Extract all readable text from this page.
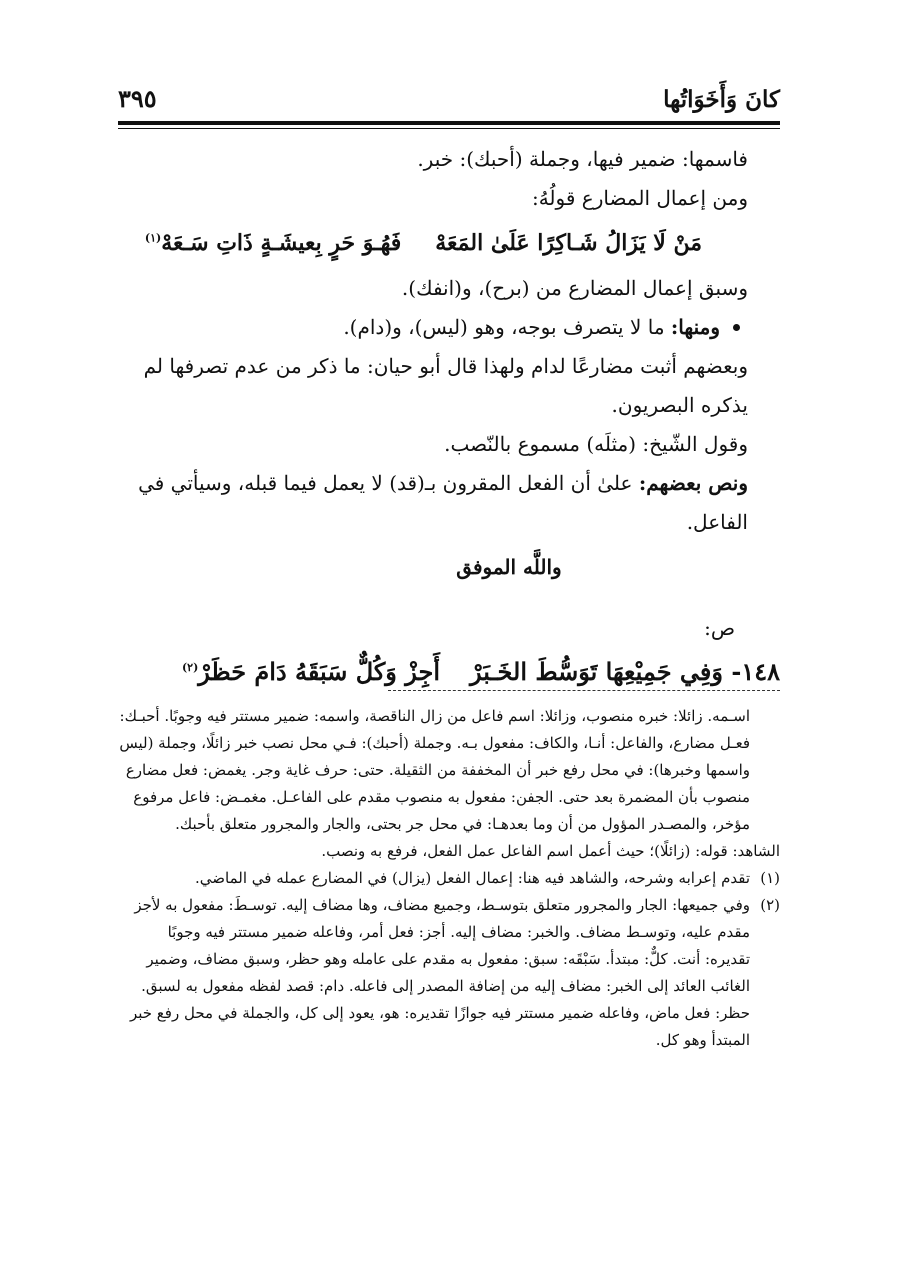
كانَ وَأَخَوَاتُها
٣٩٥

فاسمها: ضمير فيها، وجملة (أحبك): خبر.

ومن إعمال المضارع قولُهُ:

مَنْ لَا يَزَالُ شَـاكِرًا عَلَىٰ المَعَهْفَهُـوَ حَرٍ بِعيشَـةٍ ذَاتِ سَـعَهْ$^{(١)}$

وسبق إعمال المضارع من (برح)، و(انفك).

ومنها: ما لا يتصرف بوجه، وهو (ليس)، و(دام).

وبعضهم أثبت مضارعًا لدام ولهذا قال أبو حيان: ما ذكر من عدم تصرفها لم يذكره البصريون.

وقول الشّيخ: (مثلَه) مسموع بالنّصب.

ونص بعضهم: علىٰ أن الفعل المقرون بـ(قد) لا يعمل فيما قبله، وسيأتي في الفاعل.

واللَّه الموفق

ص:

١٤٨- وَفِي جَمِيْعِهَا تَوَسُّطَ الخَـبَرْأَجِزْ وَكُلٌّ سَبَقَهُ دَامَ حَظَرْ$^{(٢)}$

اسـمه. زائلا: خبره منصوب، وزائلا: اسم فاعل من زال الناقصة، واسمه: ضمير مستتر فيه وجوبًا. أحبـك: فعـل مضارع، والفاعل: أنـا، والكاف: مفعول بـه. وجملة (أحبك): فـي محل نصب خبر زائلًا، وجملة (ليس واسمها وخبرها): في محل رفع خبر أن المخففة من الثقيلة. حتى: حرف غاية وجر. يغمض: فعل مضارع منصوب بأن المضمرة بعد حتى. الجفن: مفعول به منصوب مقدم على الفاعـل. مغمـض: فاعل مرفوع مؤخر، والمصـدر المؤول من أن وما بعدهـا: في محل جر بحتى، والجار والمجرور متعلق بأحبك.

الشاهد: قوله: (زائلًا)؛ حيث أعمل اسم الفاعل عمل الفعل، فرفع به ونصب.

(١)
تقدم إعرابه وشرحه، والشاهد فيه هنا: إعمال الفعل (يزال) في المضارع عمله في الماضي.
(٢)
وفي جميعها: الجار والمجرور متعلق بتوسـط، وجميع مضاف، وها مضاف إليه. توسـطَ: مفعول به لأجز مقدم عليه، وتوسـط مضاف. والخبر: مضاف إليه. أجز: فعل أمر، وفاعله ضمير مستتر فيه وجوبًا تقديره: أنت. كلٌّ: مبتدأ. سَبْقَه: سبق: مفعول به مقدم على عامله وهو حظر، وسبق مضاف، وضمير الغائب العائد إلى الخبر: مضاف إليه من إضافة المصدر إلى فاعله. دام: قصد لفظه مفعول به لسبق. حظر: فعل ماض، وفاعله ضمير مستتر فيه جوازًا تقديره: هو، يعود إلى كل، والجملة في محل رفع خبر المبتدأ وهو كل.
